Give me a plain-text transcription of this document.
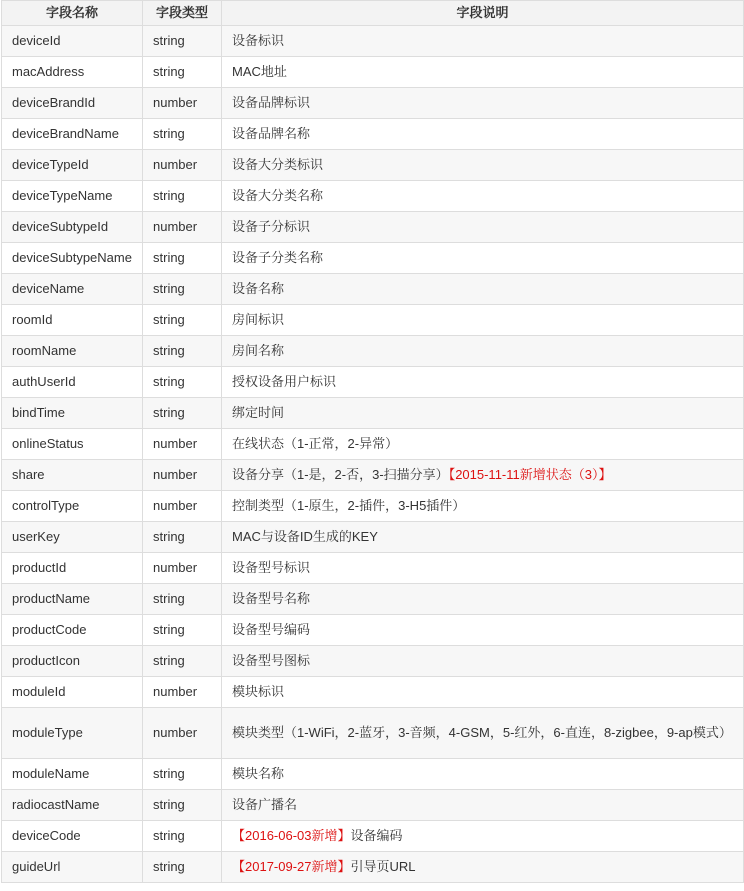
字段名称	字段类型	字段说明
deviceId	string	设备标识
macAddress	string	MAC地址
deviceBrandId	number	设备品牌标识
deviceBrandName	string	设备品牌名称
deviceTypeId	number	设备大分类标识
deviceTypeName	string	设备大分类名称
deviceSubtypeId	number	设备子分标识
deviceSubtypeName	string	设备子分类名称
deviceName	string	设备名称
roomId	string	房间标识
roomName	string	房间名称
authUserId	string	授权设备用户标识
bindTime	string	绑定时间
onlineStatus	number	在线状态（1-正常，2-异常）
share	number	设备分享（1-是，2-否，3-扫描分享）【2015-11-11新增状态（3）】
controlType	number	控制类型（1-原生，2-插件，3-H5插件）
userKey	string	MAC与设备ID生成的KEY
productId	number	设备型号标识
productName	string	设备型号名称
productCode	string	设备型号编码
productIcon	string	设备型号图标
moduleId	number	模块标识
moduleType	number	模块类型（1-WiFi，2-蓝牙，3-音频，4-GSM，5-红外，6-直连，8-zigbee，9-ap模式）
moduleName	string	模块名称
radiocastName	string	设备广播名
deviceCode	string	【2016-06-03新增】设备编码
guideUrl	string	【2017-09-27新增】引导页URL
